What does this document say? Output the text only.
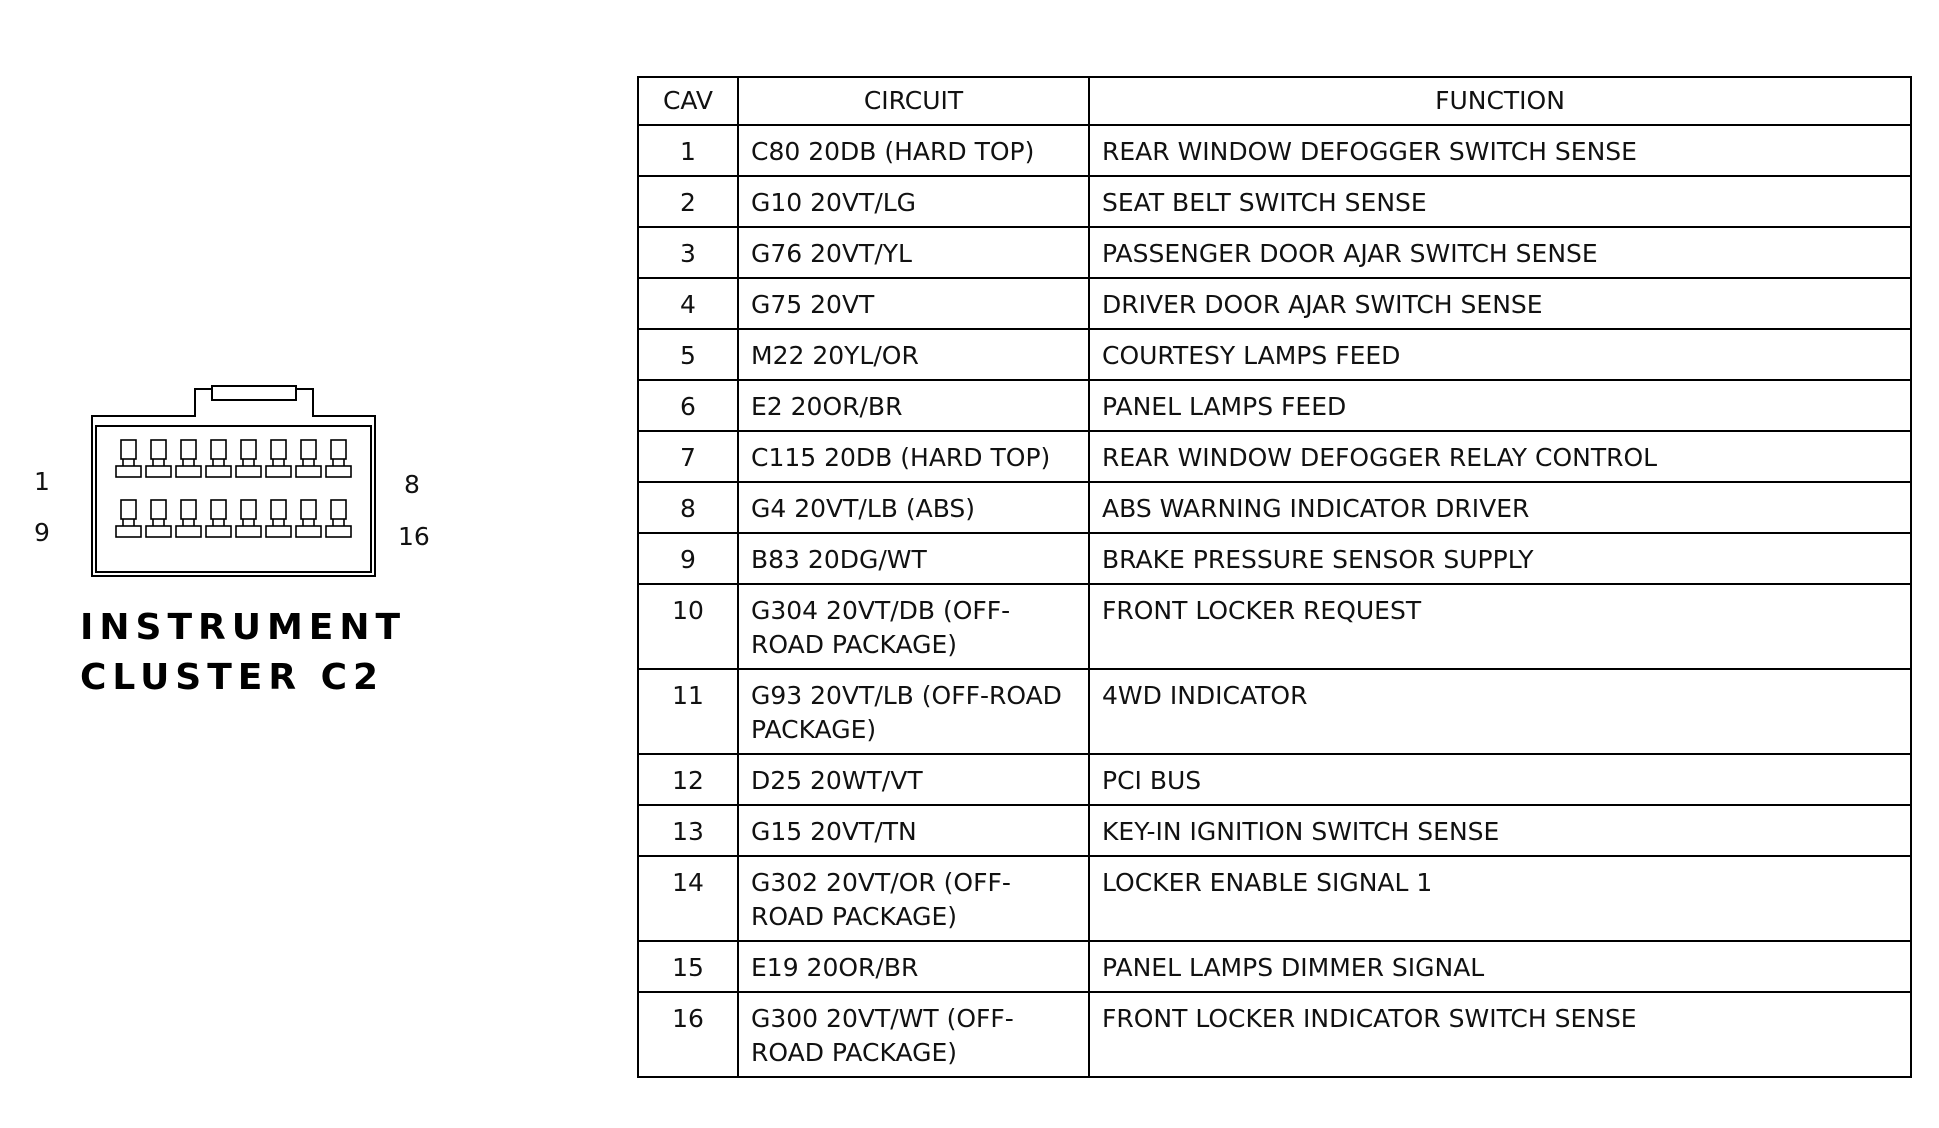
1
9
8
16
INSTRUMENT
CLUSTER C2
CAV	CIRCUIT	FUNCTION
1	C80 20DB (HARD TOP)	REAR WINDOW DEFOGGER SWITCH SENSE
2	G10 20VT/LG	SEAT BELT SWITCH SENSE
3	G76 20VT/YL	PASSENGER DOOR AJAR SWITCH SENSE
4	G75 20VT	DRIVER DOOR AJAR SWITCH SENSE
5	M22 20YL/OR	COURTESY LAMPS FEED
6	E2 20OR/BR	PANEL LAMPS FEED
7	C115 20DB (HARD TOP)	REAR WINDOW DEFOGGER RELAY CONTROL
8	G4 20VT/LB (ABS)	ABS WARNING INDICATOR DRIVER
9	B83 20DG/WT	BRAKE PRESSURE SENSOR SUPPLY
10	G304 20VT/DB (OFF-ROAD PACKAGE)	FRONT LOCKER REQUEST
11	G93 20VT/LB (OFF-ROAD PACKAGE)	4WD INDICATOR
12	D25 20WT/VT	PCI BUS
13	G15 20VT/TN	KEY-IN IGNITION SWITCH SENSE
14	G302 20VT/OR (OFF-ROAD PACKAGE)	LOCKER ENABLE SIGNAL 1
15	E19 20OR/BR	PANEL LAMPS DIMMER SIGNAL
16	G300 20VT/WT (OFF-ROAD PACKAGE)	FRONT LOCKER INDICATOR SWITCH SENSE
